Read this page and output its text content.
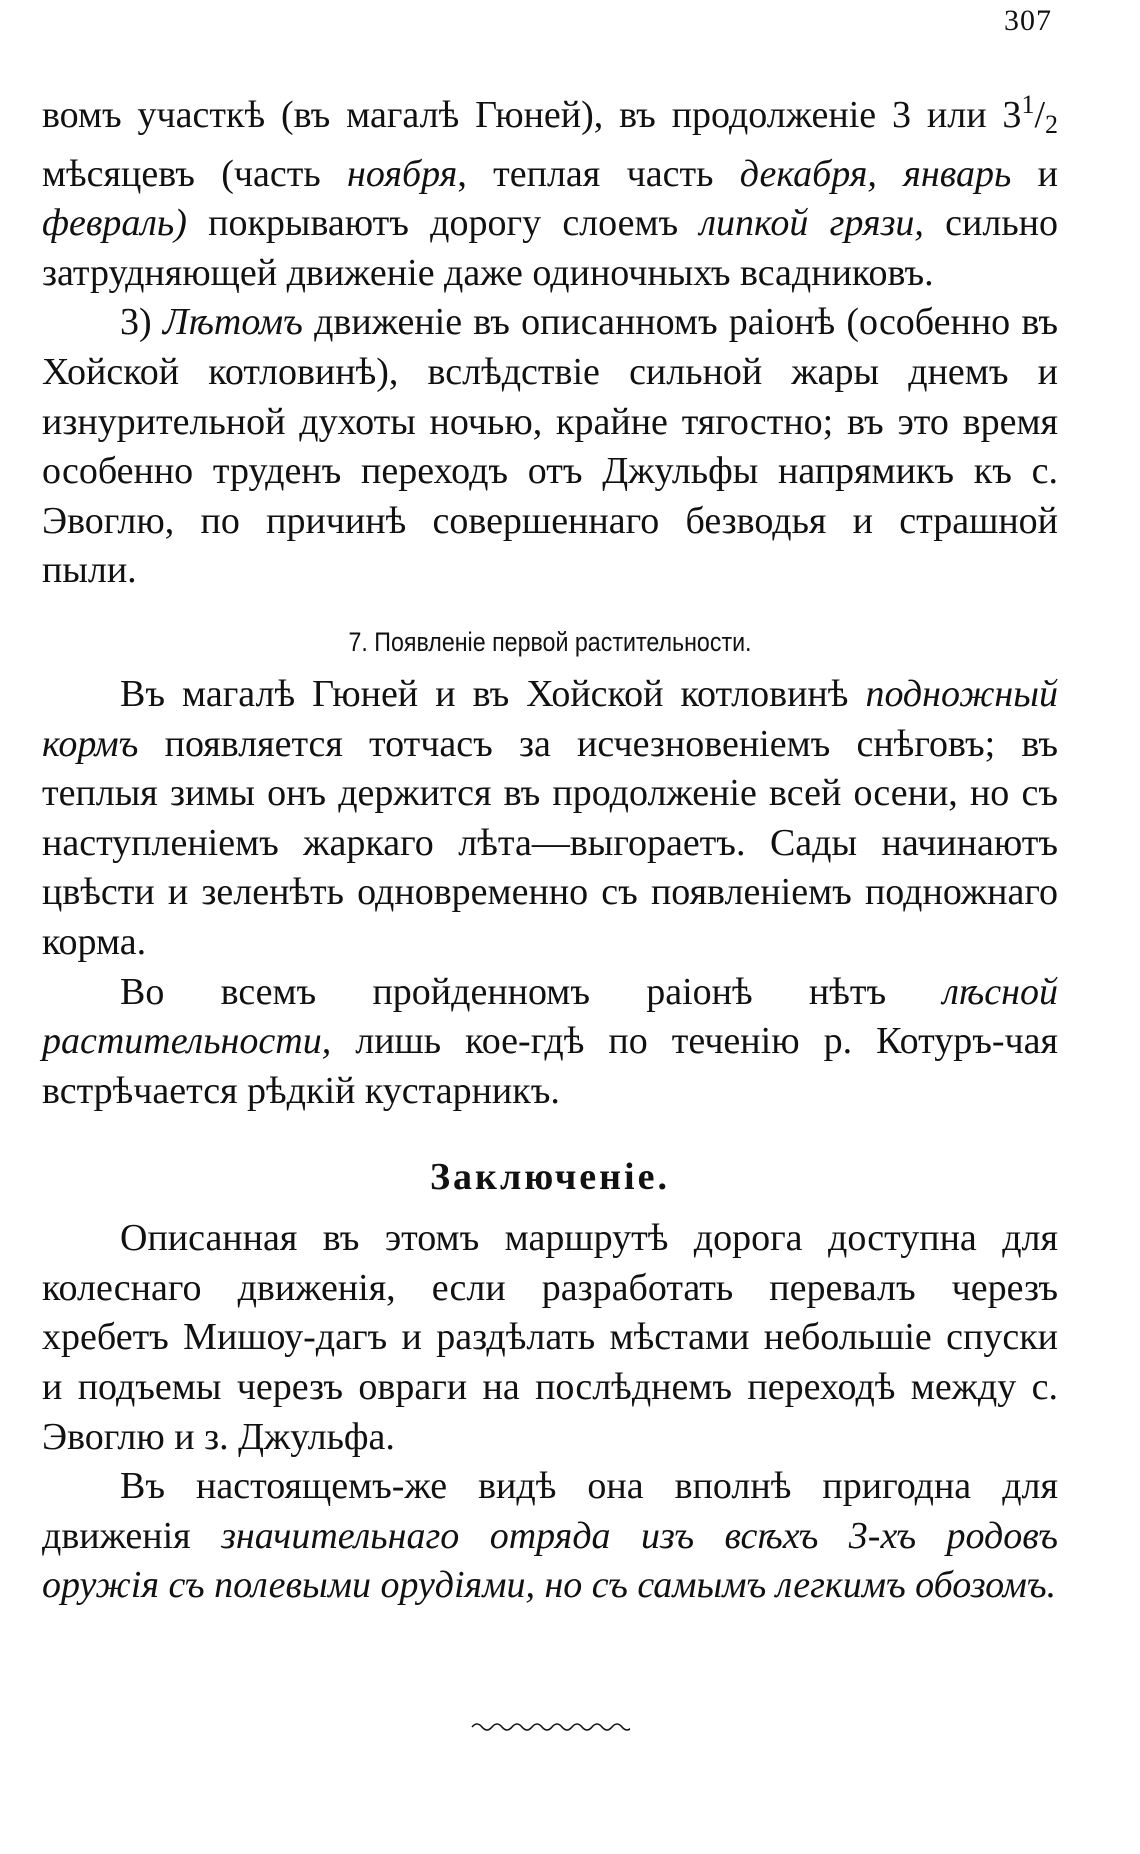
307

вомъ участкѣ (въ магалѣ Гюней), въ продолженіе 3 или $3^1/_2$ мѣсяцевъ (часть ноября, теплая часть декабря, январь и февраль) покрываютъ дорогу слоемъ липкой грязи, сильно затрудняющей движеніе даже одиночныхъ всадниковъ.

3) Лѣтомъ движеніе въ описанномъ раіонѣ (особенно въ Хойской котловинѣ), вслѣдствіе сильной жары днемъ и изнурительной духоты ночью, крайне тягостно; въ это время особенно труденъ переходъ отъ Джульфы напрямикъ къ с. Эвоглю, по причинѣ совершеннаго безводья и страшной пыли.

7. Появленіе первой растительности.

Въ магалѣ Гюней и въ Хойской котловинѣ подножный кормъ появляется тотчасъ за исчезновеніемъ снѣговъ; въ теплыя зимы онъ держится въ продолженіе всей осени, но съ наступленіемъ жаркаго лѣта—выгораетъ. Сады начинаютъ цвѣсти и зеленѣть одновременно съ появленіемъ подножнаго корма.

Во всемъ пройденномъ раіонѣ нѣтъ лѣсной растительности, лишь кое-гдѣ по теченію р. Котуръ-чая встрѣчается рѣдкій кустарникъ.

Заключеніе.

Описанная въ этомъ маршрутѣ дорога доступна для колеснаго движенія, если разработать перевалъ черезъ хребетъ Мишоу-дагъ и раздѣлать мѣстами небольшіе спуски и подъемы черезъ овраги на послѣднемъ переходѣ между с. Эвоглю и з. Джульфа.

Въ настоящемъ-же видѣ она вполнѣ пригодна для движенія значительнаго отряда изъ всѣхъ 3-хъ родовъ оружія съ полевыми орудіями, но съ самымъ легкимъ обозомъ.
